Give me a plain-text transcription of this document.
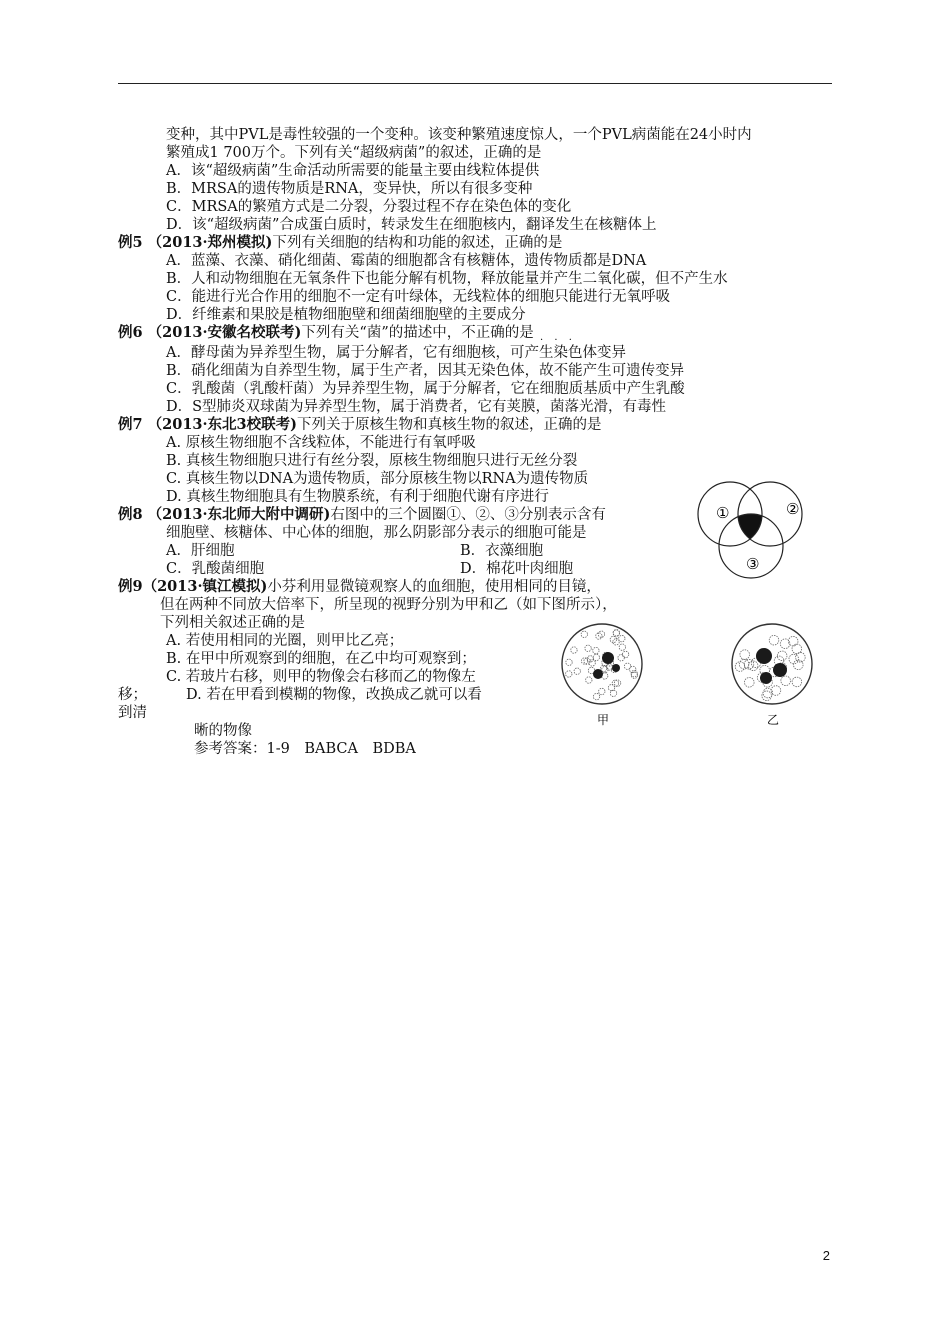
变种，其中PVL是毒性较强的一个变种。该变种繁殖速度惊人，一个PVL病菌能在24小时内
繁殖成1 700万个。下列有关“超级病菌”的叙述，正确的是
A．该“超级病菌”生命活动所需要的能量主要由线粒体提供
B．MRSA的遗传物质是RNA，变异快，所以有很多变种
C．MRSA的繁殖方式是二分裂，分裂过程不存在染色体的变化
D．该“超级病菌”合成蛋白质时，转录发生在细胞核内，翻译发生在核糖体上
例5 （2013·郑州模拟)下列有关细胞的结构和功能的叙述，正确的是
A．蓝藻、衣藻、硝化细菌、霉菌的细胞都含有核糖体，遗传物质都是DNA
B．人和动物细胞在无氧条件下也能分解有机物，释放能量并产生二氧化碳，但不产生水
C．能进行光合作用的细胞不一定有叶绿体，无线粒体的细胞只能进行无氧呼吸
D．纤维素和果胶是植物细胞壁和细菌细胞壁的主要成分
例6 （2013·安徽名校联考)下列有关“菌”的描述中，不正确的是 · · ·
A．酵母菌为异养型生物，属于分解者，它有细胞核，可产生染色体变异
B．硝化细菌为自养型生物，属于生产者，因其无染色体，故不能产生可遗传变异
C．乳酸菌（乳酸杆菌）为异养型生物，属于分解者，它在细胞质基质中产生乳酸
D．S型肺炎双球菌为异养型生物，属于消费者，它有荚膜，菌落光滑，有毒性
例7 （2013·东北3校联考)下列关于原核生物和真核生物的叙述，正确的是
A. 原核生物细胞不含线粒体，不能进行有氧呼吸
B. 真核生物细胞只进行有丝分裂，原核生物细胞只进行无丝分裂
C. 真核生物以DNA为遗传物质，部分原核生物以RNA为遗传物质
D. 真核生物细胞具有生物膜系统，有利于细胞代谢有序进行
例8 （2013·东北师大附中调研)右图中的三个圆圈①、②、③分别表示含有
细胞壁、核糖体、中心体的细胞，那么阴影部分表示的细胞可能是
A．肝细胞	B．衣藻细胞
C．乳酸菌细胞	D．棉花叶肉细胞
①	②
③
例9（2013·镇江模拟)小芬利用显微镜观察人的血细胞，使用相同的目镜，
但在两种不同放大倍率下，所呈现的视野分别为甲和乙（如下图所示），
下列相关叙述正确的是
A. 若使用相同的光圈，则甲比乙亮；
B. 在甲中所观察到的细胞，在乙中均可观察到；
C. 若玻片右移，则甲的物像会右移而乙的物像左
移；	D. 若在甲看到模糊的物像，改换成乙就可以看
到清
晰的物像
参考答案：1-9　BABCA　BDBA
甲	乙
2
